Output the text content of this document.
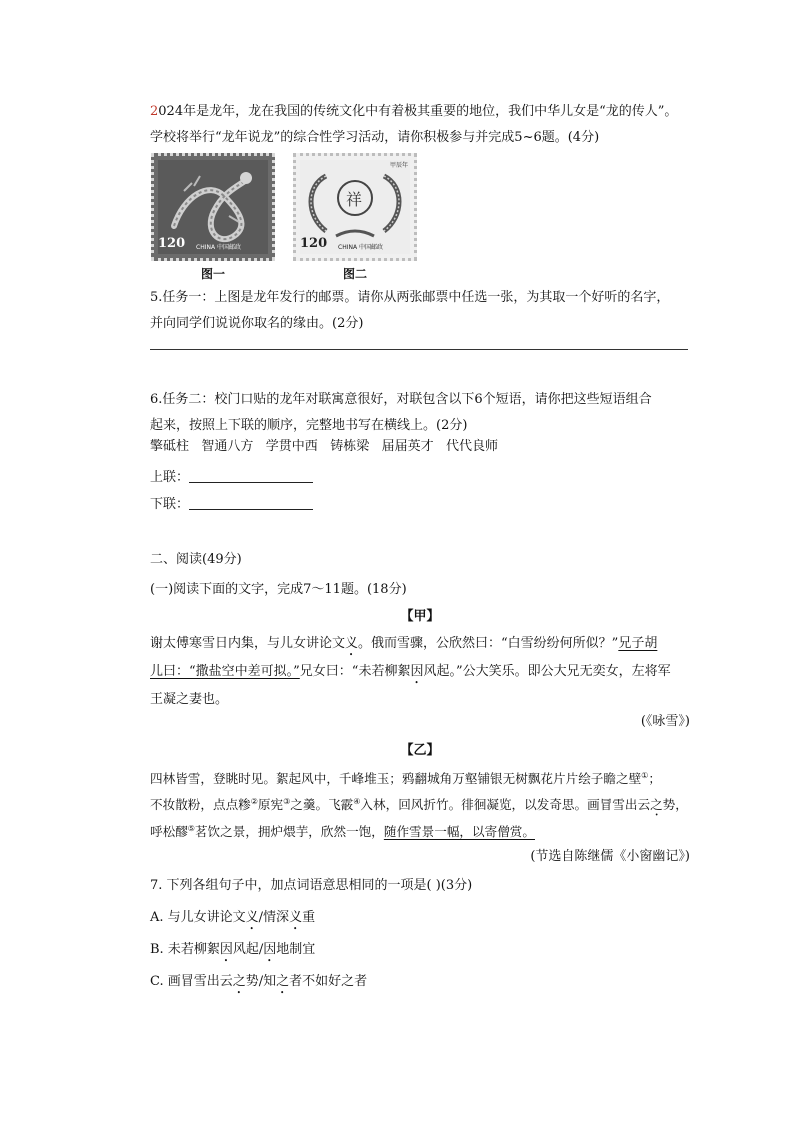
2024年是龙年，龙在我国的传统文化中有着极其重要的地位，我们中华儿女是“龙的传人”。
学校将举行“龙年说龙”的综合性学习活动，请你积极参与并完成5~6题。(4分)

120 CHINA 中国邮政
图一
祥
甲辰年
120 CHINA 中国邮政
图二

5.任务一：上图是龙年发行的邮票。请你从两张邮票中任选一张，为其取一个好听的名字，
并向同学们说说你取名的缘由。(2分)

6.任务二：校门口贴的龙年对联寓意很好，对联包含以下6个短语，请你把这些短语组合
起来，按照上下联的顺序，完整地书写在横线上。(2分)

擎砥柱   智通八方   学贯中西   铸栋梁   届届英才   代代良师

上联：

下联：

二、阅读(49分)

(一)阅读下面的文字，完成7～11题。(18分)

【甲】

谢太傅寒雪日内集，与儿女讲论文义。俄而雪骤，公欣然曰：“白雪纷纷何所似？”兄子胡
儿曰：“撒盐空中差可拟。”兄女曰：“未若柳絮因风起。”公大笑乐。即公大兄无奕女，左将军
王凝之妻也。

(《咏雪》)

【乙】

四林皆雪，登眺时见。絮起风中，千峰堆玉；鸦翻城角万壑铺银无树飘花片片绘子瞻之壁①；
不妆散粉，点点糁②原宪③之羹。飞霰④入林，回风折竹。徘徊凝览，以发奇思。画冒雪出云之势，
呼松醪⑤茗饮之景，拥炉煨芋，欣然一饱，随作雪景一幅，以寄僧赏。

(节选自陈继儒《小窗幽记》)

7. 下列各组句子中，加点词语意思相同的一项是( )(3分)

A. 与儿女讲论文义/情深义重

B. 未若柳絮因风起/因地制宜

C. 画冒雪出云之势/知之者不如好之者
